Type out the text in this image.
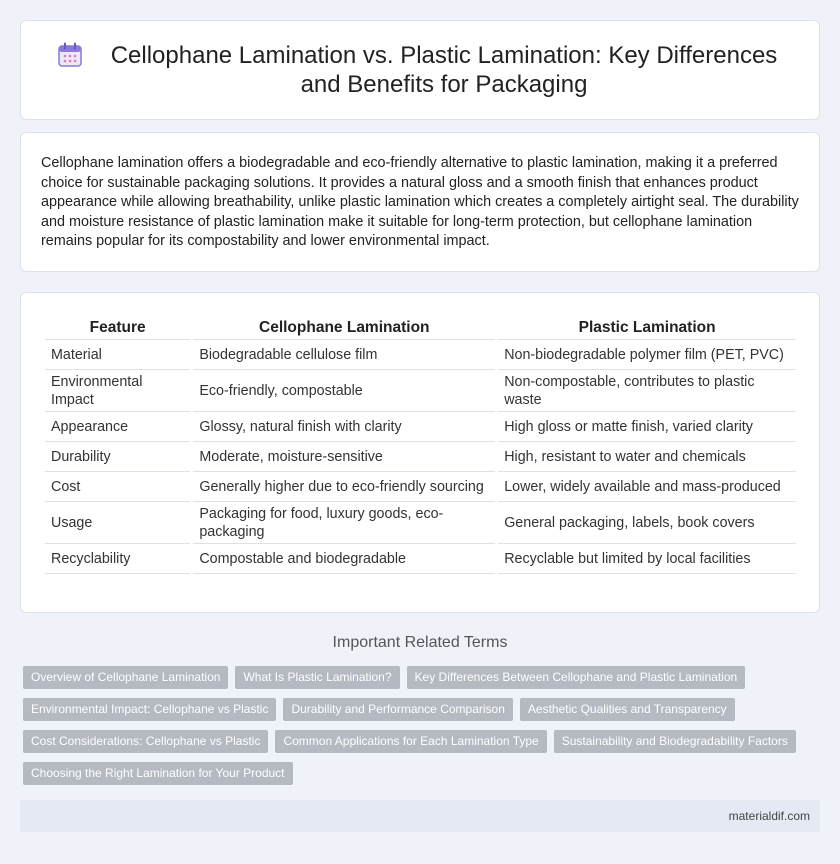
Cellophane Lamination vs. Plastic Lamination: Key Differences and Benefits for Packaging

Cellophane lamination offers a biodegradable and eco-friendly alternative to plastic lamination, making it a preferred choice for sustainable packaging solutions. It provides a natural gloss and a smooth finish that enhances product appearance while allowing breathability, unlike plastic lamination which creates a completely airtight seal. The durability and moisture resistance of plastic lamination make it suitable for long-term protection, but cellophane lamination remains popular for its compostability and lower environmental impact.

Feature	Cellophane Lamination	Plastic Lamination
Material	Biodegradable cellulose film	Non-biodegradable polymer film (PET, PVC)
Environmental Impact	Eco-friendly, compostable	Non-compostable, contributes to plastic waste
Appearance	Glossy, natural finish with clarity	High gloss or matte finish, varied clarity
Durability	Moderate, moisture-sensitive	High, resistant to water and chemicals
Cost	Generally higher due to eco-friendly sourcing	Lower, widely available and mass-produced
Usage	Packaging for food, luxury goods, eco-packaging	General packaging, labels, book covers
Recyclability	Compostable and biodegradable	Recyclable but limited by local facilities
Important Related Terms
Overview of Cellophane Lamination	What Is Plastic Lamination?	Key Differences Between Cellophane and Plastic Lamination
Environmental Impact: Cellophane vs Plastic	Durability and Performance Comparison	Aesthetic Qualities and Transparency
Cost Considerations: Cellophane vs Plastic	Common Applications for Each Lamination Type	Sustainability and Biodegradability Factors
Choosing the Right Lamination for Your Product
materialdif.com
